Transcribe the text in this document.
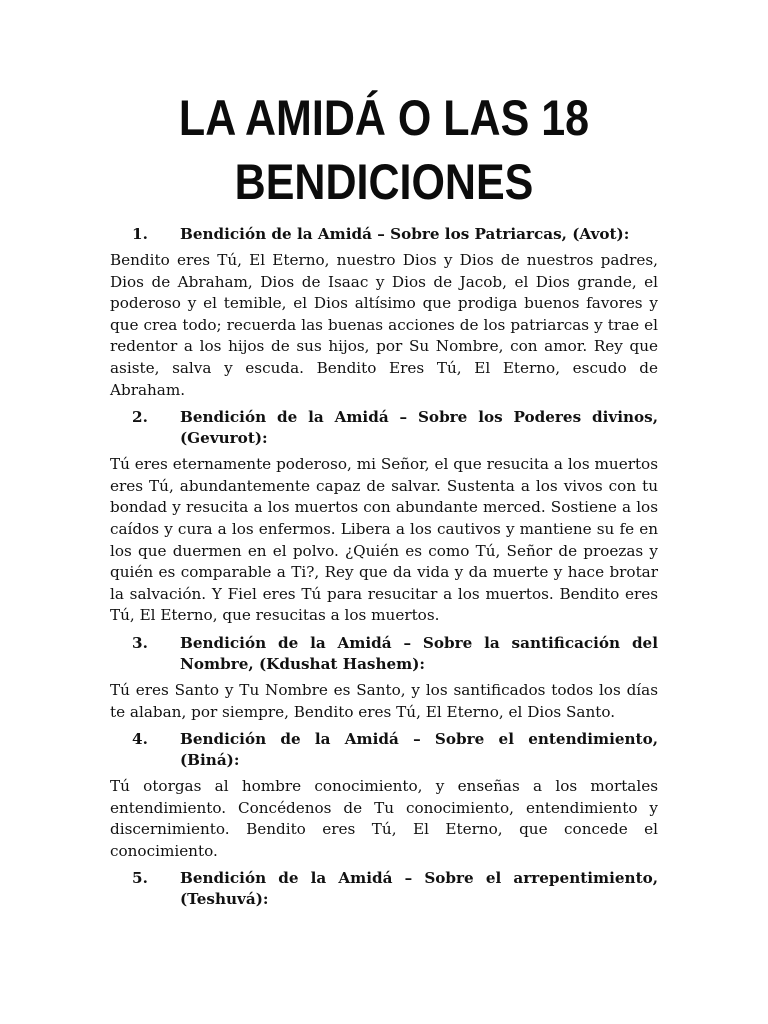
LA AMIDÁ O LAS 18
BENDICIONES
1.	Bendición de la Amidá – Sobre los Patriarcas, (Avot):

Bendito eres Tú, El Eterno, nuestro Dios y Dios de nuestros padres, Dios de Abraham, Dios de Isaac y Dios de Jacob, el Dios grande, el poderoso y el temible, el Dios altísimo que prodiga buenos favores y que crea todo; recuerda las buenas acciones de los patriarcas y trae el redentor a los hijos de sus hijos, por Su Nombre, con amor. Rey que asiste, salva y escuda. Bendito Eres Tú, El Eterno, escudo de Abraham.

2.	Bendición de la Amidá – Sobre los Poderes divinos, (Gevurot):

Tú eres eternamente poderoso, mi Señor, el que resucita a los muertos eres Tú, abundantemente capaz de salvar. Sustenta a los vivos con tu bondad y resucita a los muertos con abundante merced. Sostiene a los caídos y cura a los enfermos. Libera a los cautivos y mantiene su fe en los que duermen en el polvo. ¿Quién es como Tú, Señor de proezas y quién es comparable a Ti?, Rey que da vida y da muerte y hace brotar la salvación. Y Fiel eres Tú para resucitar a los muertos. Bendito eres Tú, El Eterno, que resucitas a los muertos.

3.	Bendición de la Amidá – Sobre la santificación del Nombre, (Kdushat Hashem):

Tú eres Santo y Tu Nombre es Santo, y los santificados todos los días te alaban, por siempre, Bendito eres Tú, El Eterno, el Dios Santo.

4.	Bendición de la Amidá – Sobre el entendimiento, (Biná):

Tú otorgas al hombre conocimiento, y enseñas a los mortales entendimiento. Concédenos de Tu conocimiento, entendimiento y discernimiento. Bendito eres Tú, El Eterno, que concede el conocimiento.

5.	Bendición de la Amidá – Sobre el arrepentimiento, (Teshuvá):
